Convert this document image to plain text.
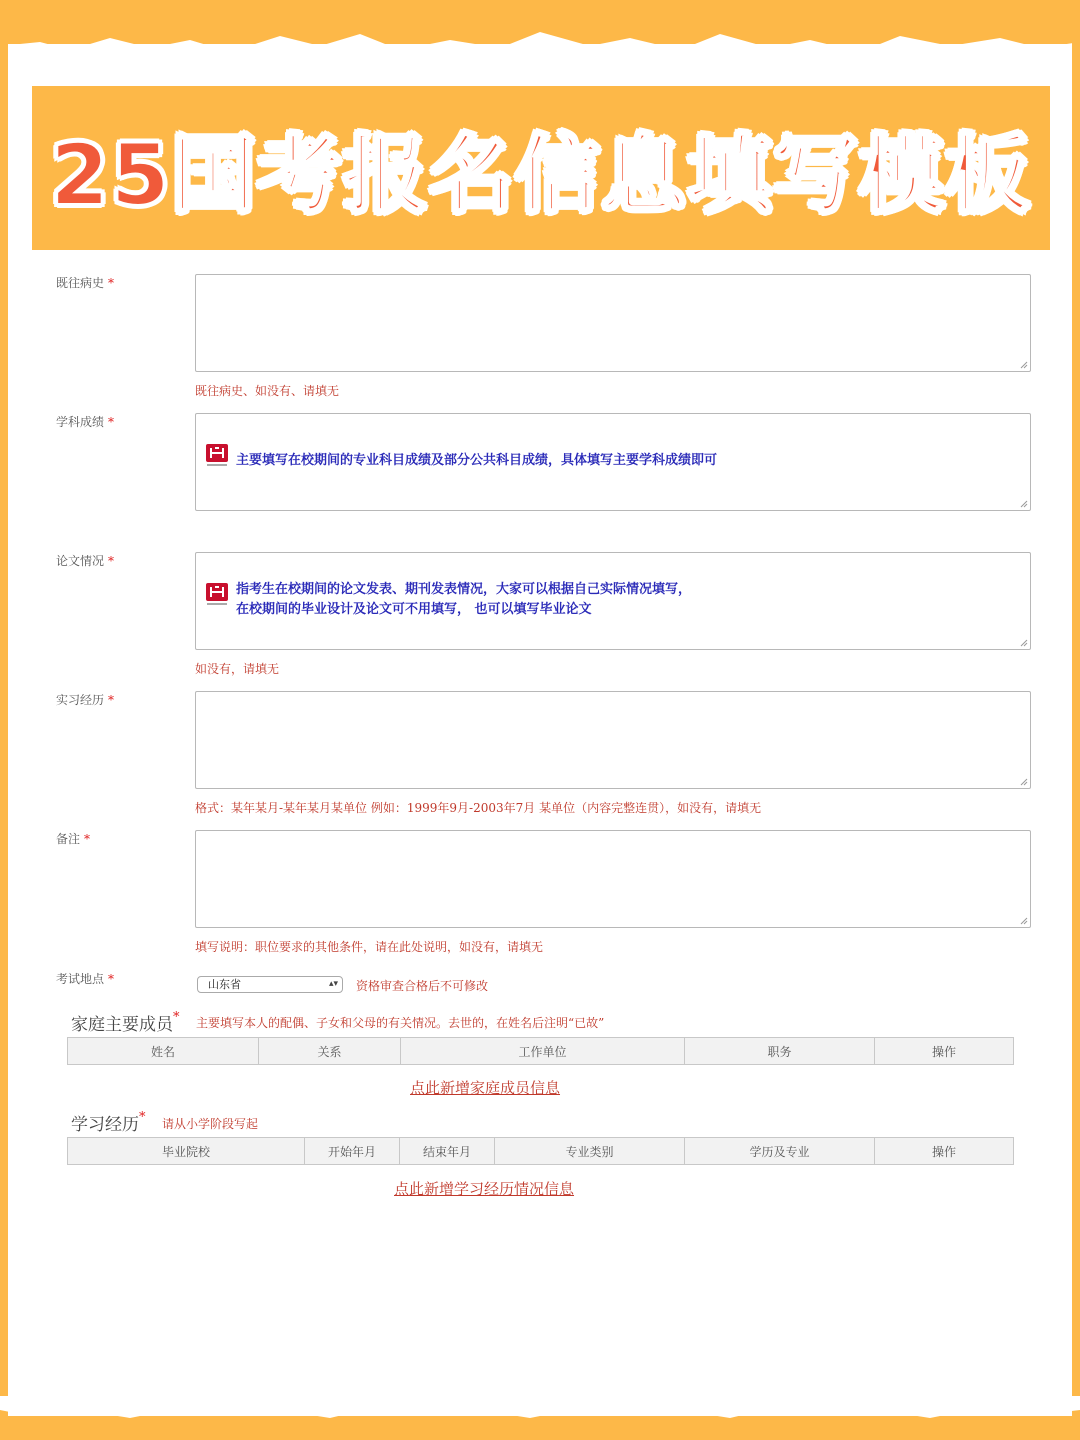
25国考报名信息填写模板
既往病史 *
既往病史、如没有、请填无
学科成绩 *
主要填写在校期间的专业科目成绩及部分公共科目成绩，具体填写主要学科成绩即可
论文情况 *
指考生在校期间的论文发表、期刊发表情况，大家可以根据自己实际情况填写，
在校期间的毕业设计及论文可不用填写， 也可以填写毕业论文
如没有，请填无
实习经历 *
格式：某年某月-某年某月某单位 例如：1999年9月-2003年7月 某单位（内容完整连贯），如没有，请填无
备注 *
填写说明：职位要求的其他条件，请在此处说明，如没有，请填无
考试地点 *	山东省	▴▾ 资格审查合格后不可修改
家庭主要成员* 主要填写本人的配偶、子女和父母的有关情况。去世的，在姓名后注明“已故”
姓名	关系	工作单位	职务	操作
点此新增家庭成员信息
学习经历* 请从小学阶段写起
毕业院校	开始年月	结束年月	专业类别	学历及专业	操作
点此新增学习经历情况信息
